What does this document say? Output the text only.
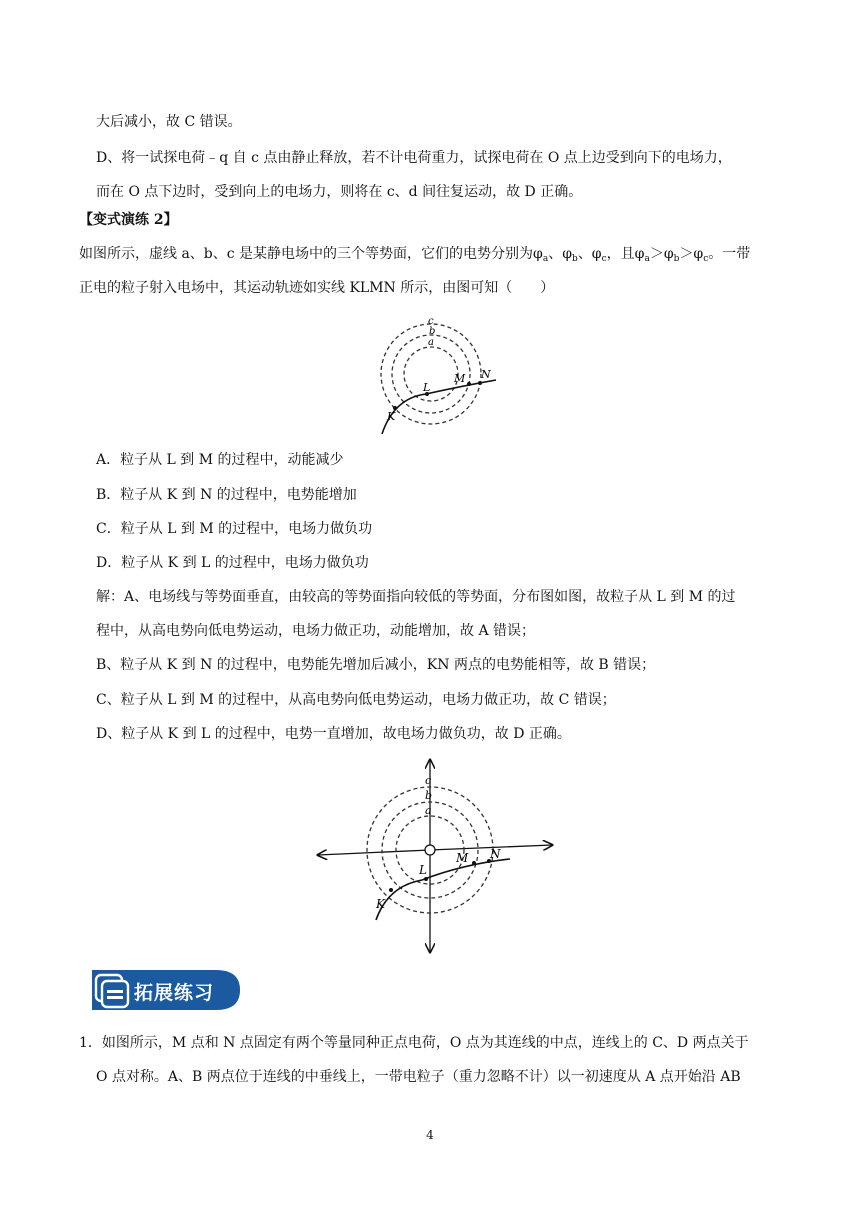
大后减小，故 C 错误。
D、将一试探电荷﹣q 自 c 点由静止释放，若不计电荷重力，试探电荷在 O 点上边受到向下的电场力，
而在 O 点下边时，受到向上的电场力，则将在 c、d 间往复运动，故 D 正确。
【变式演练 2】
如图所示，虚线 a、b、c 是某静电场中的三个等势面，它们的电势分别为$\varphi_a$、$\varphi_b$、$\varphi_c$，且$\varphi_a>\varphi_b>\varphi_c$。一带
正电的粒子射入电场中，其运动轨迹如实线 KLMN 所示，由图可知（　　）
c
b
a
K
L
M N
A．粒子从 L 到 M 的过程中，动能减少
B．粒子从 K 到 N 的过程中，电势能增加
C．粒子从 L 到 M 的过程中，电场力做负功
D．粒子从 K 到 L 的过程中，电场力做负功
解：A、电场线与等势面垂直，由较高的等势面指向较低的等势面，分布图如图，故粒子从 L 到 M 的过
程中，从高电势向低电势运动，电场力做正功，动能增加，故 A 错误；
B、粒子从 K 到 N 的过程中，电势能先增加后减小，KN 两点的电势能相等，故 B 错误；
C、粒子从 L 到 M 的过程中，从高电势向低电势运动，电场力做正功，故 C 错误；
D、粒子从 K 到 L 的过程中，电势一直增加，故电场力做负功，故 D 正确。
c
b
a
K
L
M N
拓展练习
1．如图所示，M 点和 N 点固定有两个等量同种正点电荷，O 点为其连线的中点，连线上的 C、D 两点关于
O 点对称。A、B 两点位于连线的中垂线上，一带电粒子（重力忽略不计）以一初速度从 A 点开始沿 AB
4
